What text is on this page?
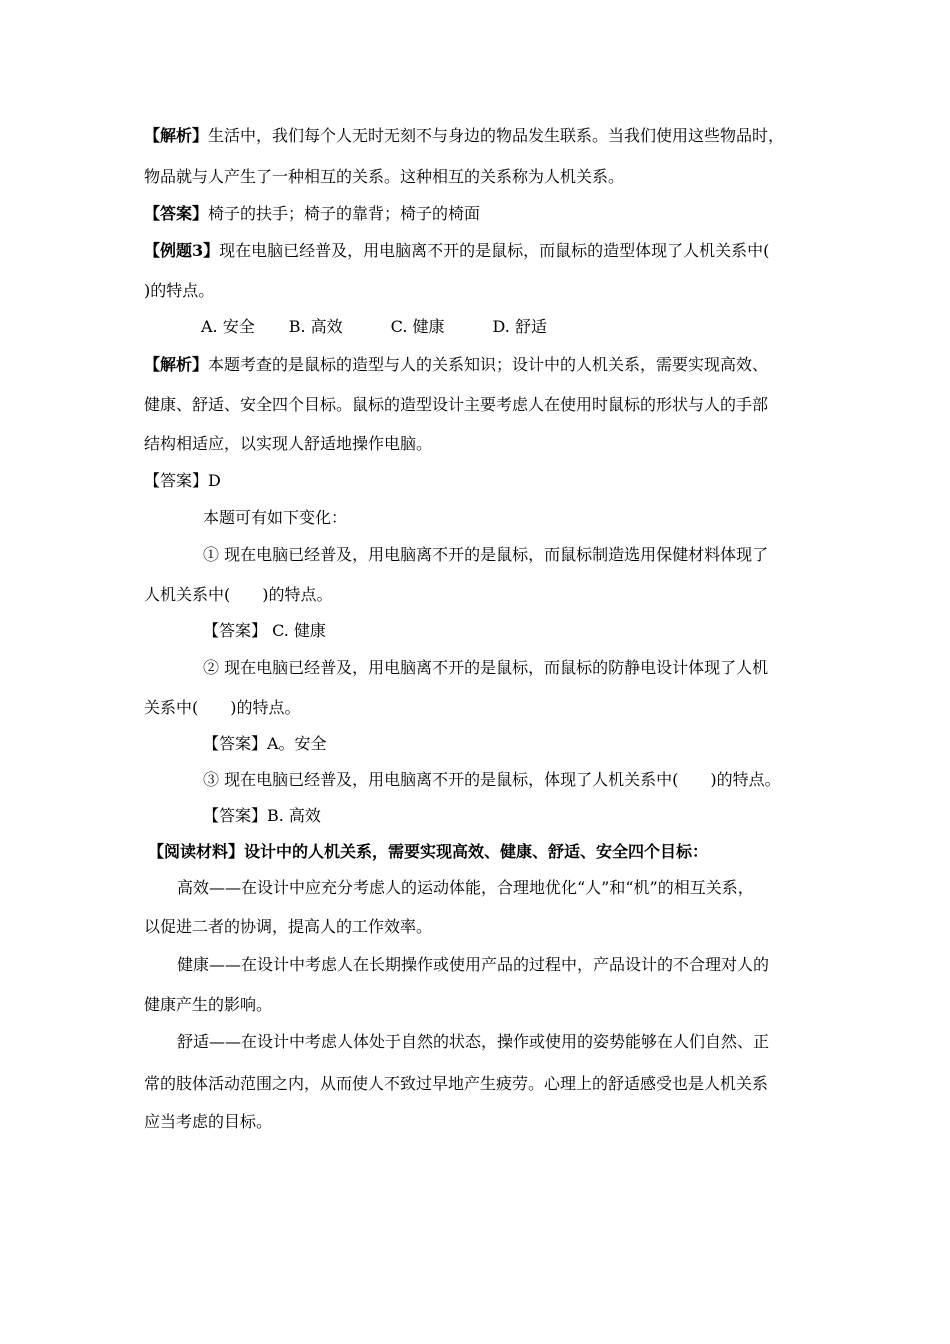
【解析】生活中，我们每个人无时无刻不与身边的物品发生联系。当我们使用这些物品时，
物品就与人产生了一种相互的关系。这种相互的关系称为人机关系。
【答案】椅子的扶手；椅子的靠背；椅子的椅面
【例题3】现在电脑已经普及，用电脑离不开的是鼠标，而鼠标的造型体现了人机关系中(
)的特点。
A. 安全 B. 高效	C. 健康	D. 舒适
【解析】本题考查的是鼠标的造型与人的关系知识；设计中的人机关系，需要实现高效、
健康、舒适、安全四个目标。鼠标的造型设计主要考虑人在使用时鼠标的形状与人的手部
结构相适应，以实现人舒适地操作电脑。
【答案】D
本题可有如下变化：
① 现在电脑已经普及，用电脑离不开的是鼠标，而鼠标制造选用保健材料体现了
人机关系中(　　)的特点。
【答案】 C. 健康
② 现在电脑已经普及，用电脑离不开的是鼠标，而鼠标的防静电设计体现了人机
关系中(　　)的特点。
【答案】A。安全
③ 现在电脑已经普及，用电脑离不开的是鼠标，体现了人机关系中(　　)的特点。
【答案】B. 高效
【阅读材料】设计中的人机关系，需要实现高效、健康、舒适、安全四个目标：
高效——在设计中应充分考虑人的运动体能，合理地优化“人”和“机”的相互关系，
以促进二者的协调，提高人的工作效率。
健康——在设计中考虑人在长期操作或使用产品的过程中，产品设计的不合理对人的
健康产生的影响。
舒适——在设计中考虑人体处于自然的状态，操作或使用的姿势能够在人们自然、正
常的肢体活动范围之内，从而使人不致过早地产生疲劳。心理上的舒适感受也是人机关系
应当考虑的目标。
